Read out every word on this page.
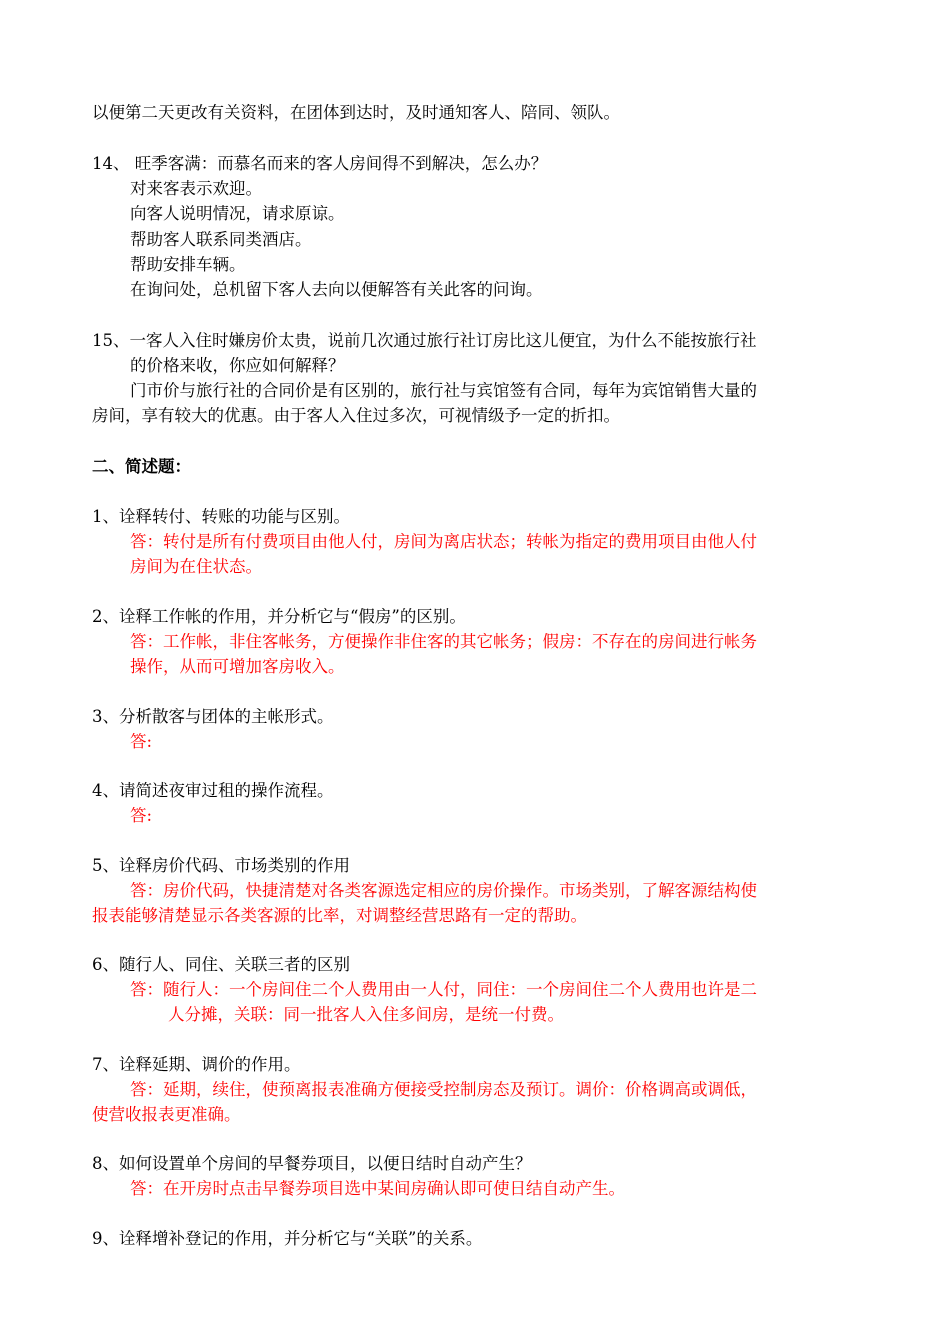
以便第二天更改有关资料，在团体到达时，及时通知客人、陪同、领队。
14、 旺季客满：而慕名而来的客人房间得不到解决，怎么办？
对来客表示欢迎。
向客人说明情况，请求原谅。
帮助客人联系同类酒店。
帮助安排车辆。
在询问处，总机留下客人去向以便解答有关此客的问询。
15、一客人入住时嫌房价太贵，说前几次通过旅行社订房比这儿便宜，为什么不能按旅行社
的价格来收，你应如何解释？
门市价与旅行社的合同价是有区别的，旅行社与宾馆签有合同，每年为宾馆销售大量的
房间，享有较大的优惠。由于客人入住过多次，可视情级予一定的折扣。
二、简述题：
1、诠释转付、转账的功能与区别。
答：转付是所有付费项目由他人付，房间为离店状态；转帐为指定的费用项目由他人付
房间为在住状态。
2、诠释工作帐的作用，并分析它与“假房”的区别。
答：工作帐，非住客帐务，方便操作非住客的其它帐务；假房：不存在的房间进行帐务
操作，从而可增加客房收入。
3、分析散客与团体的主帐形式。
答:
4、请简述夜审过租的操作流程。
答:
5、诠释房价代码、市场类别的作用
答：房价代码，快捷清楚对各类客源选定相应的房价操作。市场类别，了解客源结构使
报表能够清楚显示各类客源的比率，对调整经营思路有一定的帮助。
6、随行人、同住、关联三者的区别
答：随行人：一个房间住二个人费用由一人付，同住：一个房间住二个人费用也许是二
人分摊，关联：同一批客人入住多间房，是统一付费。
7、诠释延期、调价的作用。
答：延期，续住，使预离报表准确方便接受控制房态及预订。调价：价格调高或调低，
使营收报表更准确。
8、如何设置单个房间的早餐券项目，以便日结时自动产生？
答：在开房时点击早餐券项目选中某间房确认即可使日结自动产生。
9、诠释增补登记的作用，并分析它与“关联”的关系。
